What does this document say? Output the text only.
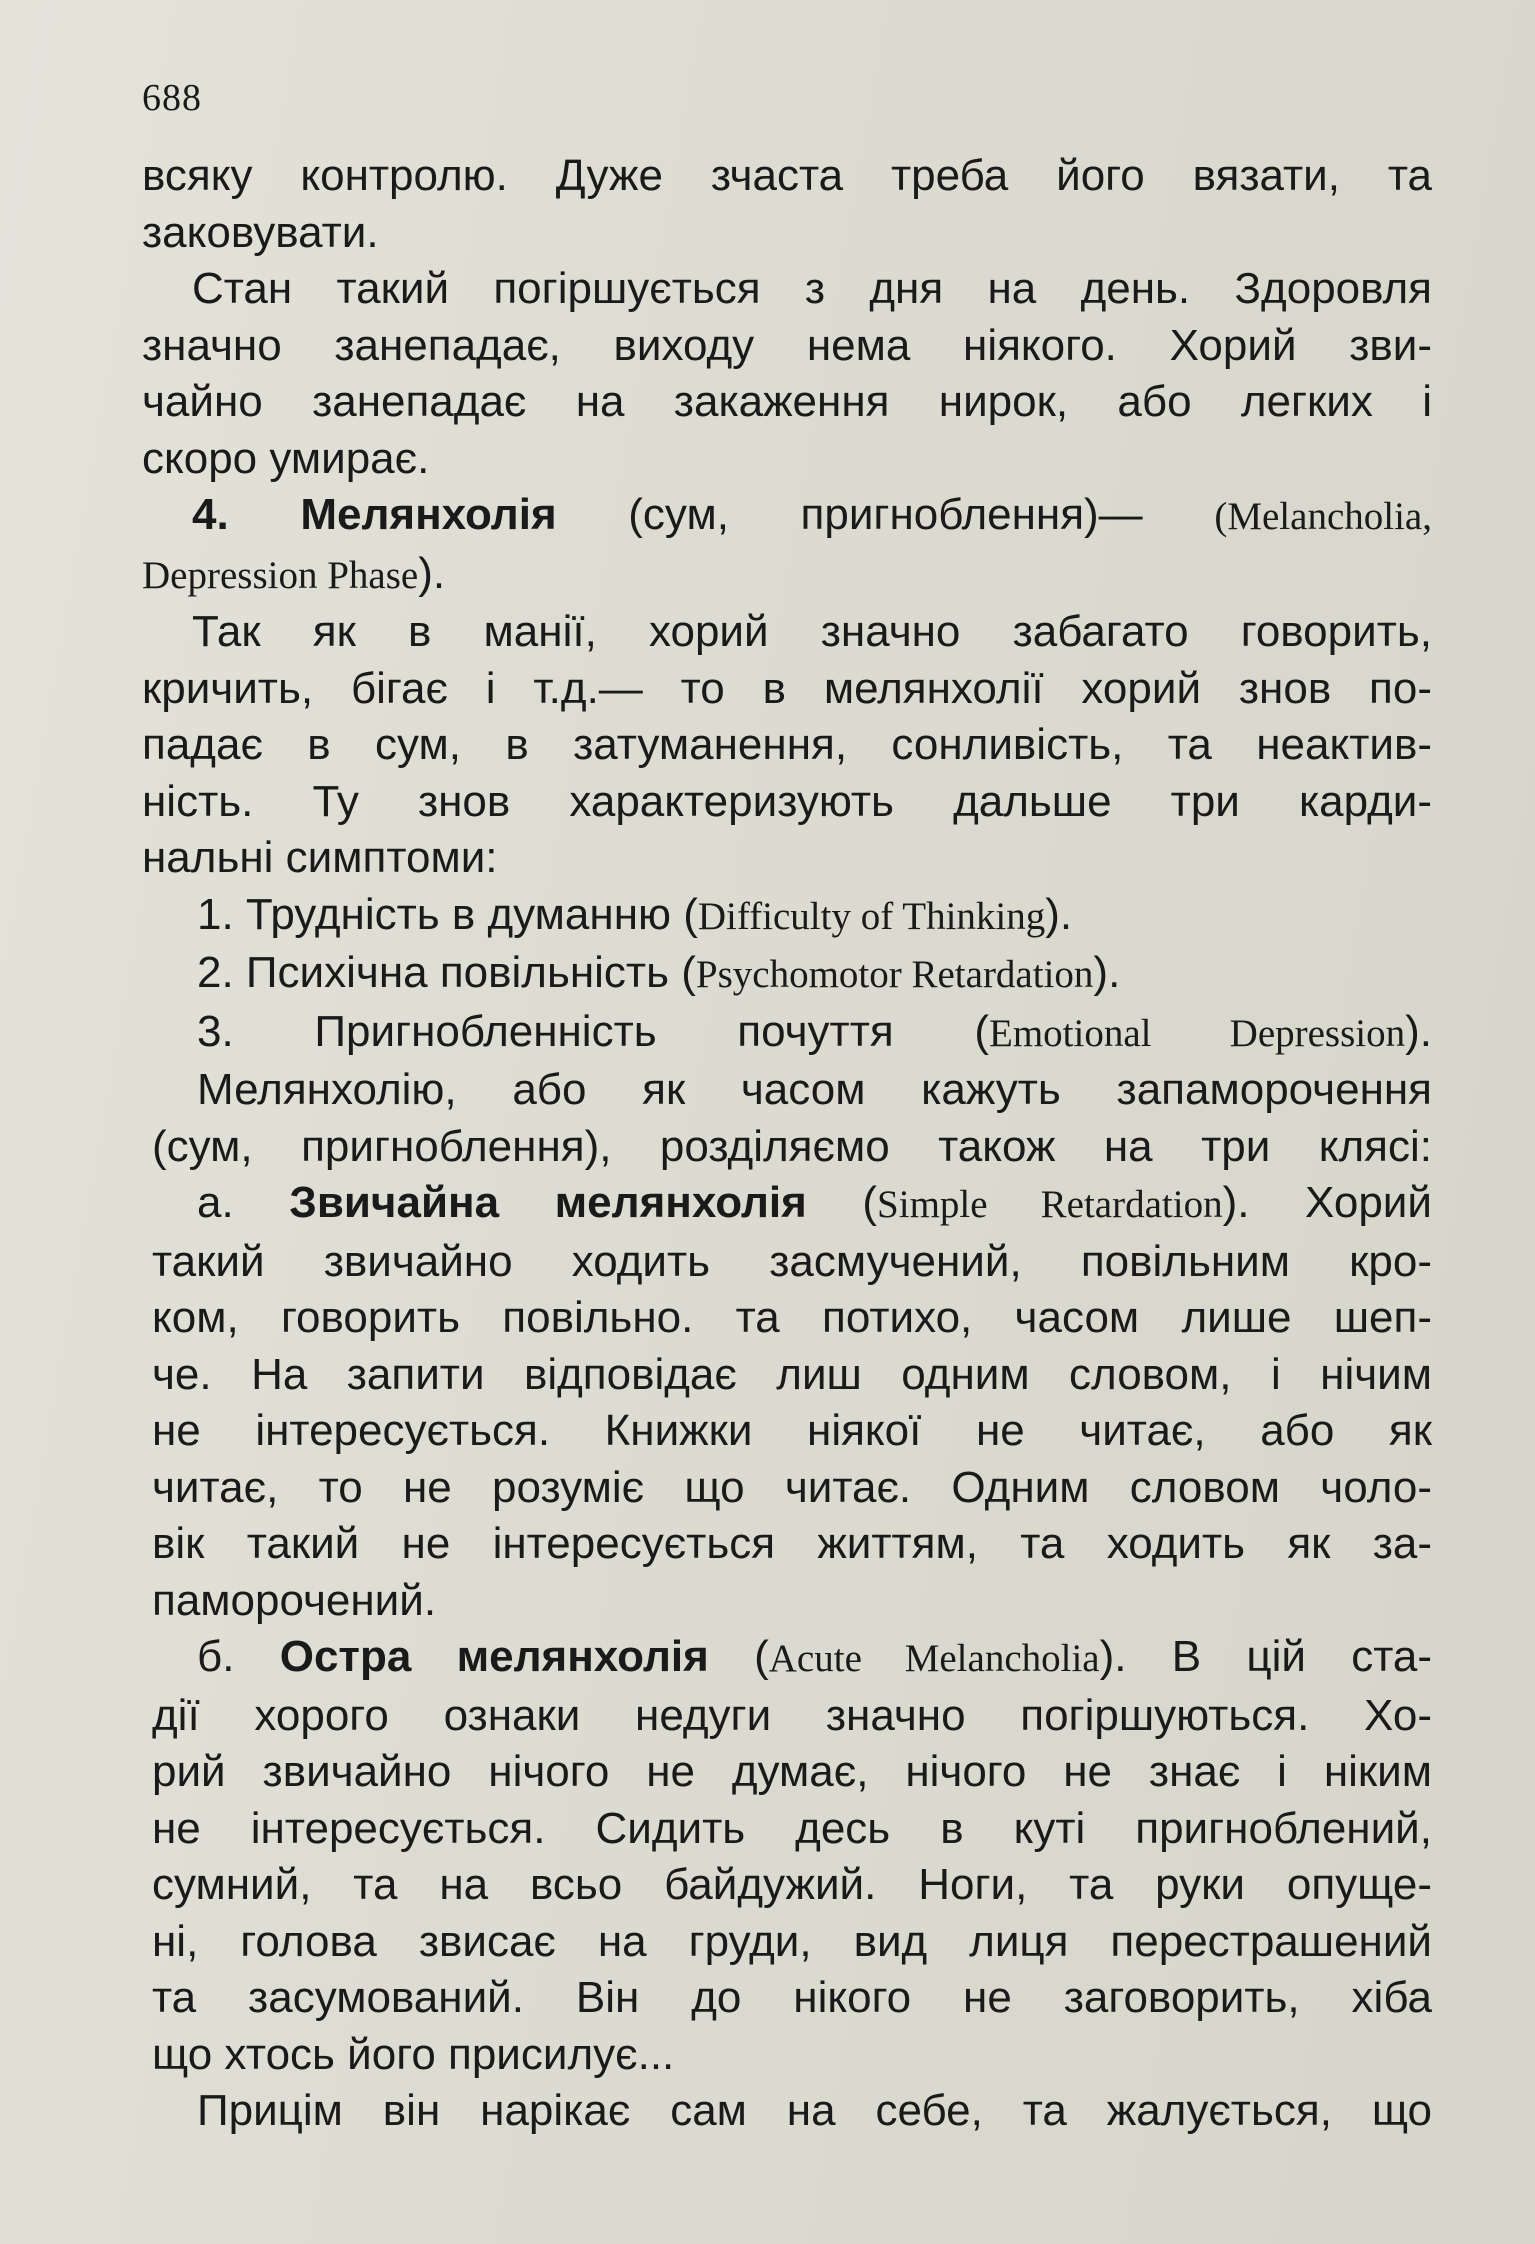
688
всяку контролю. Дуже зчаста треба його вязати, та
заковувати.
Стан такий погіршується з дня на день. Здоровля
значно занепадає, виходу нема ніякого. Хорий зви-
чайно занепадає на закаження нирок, або легких і
скоро умирає.
4. Мелянхолія (сум, пригноблення)— (Melancholia,
Depression Phase).
Так як в манії, хорий значно забагато говорить,
кричить, бігає і т.д.— то в мелянхолії хорий знов по-
падає в сум, в затуманення, сонливість, та неактив-
ність. Ту знов характеризують дальше три карди-
нальні симптоми:
1. Трудність в думанню (Difficulty of Thinking).
2. Психічна повільність (Psychomotor Retardation).
3. Пригнобленність почуття (Emotional Depression).
Мелянхолію, або як часом кажуть запаморочення
(сум, пригноблення), розділяємо також на три клясі:
а. Звичайна мелянхолія (Simple Retardation). Хорий
такий звичайно ходить засмучений, повільним кро-
ком, говорить повільно. та потихо, часом лише шеп-
че. На запити відповідає лиш одним словом, і нічим
не інтересується. Книжки ніякої не читає, або як
читає, то не розуміє що читає. Одним словом чоло-
вік такий не інтересується життям, та ходить як за-
паморочений.
б. Остра мелянхолія (Acute Melancholia). В цій ста-
дії хорого ознаки недуги значно погіршуються. Хо-
рий звичайно нічого не думає, нічого не знає і ніким
не інтересується. Сидить десь в куті пригноблений,
сумний, та на всьо байдужий. Ноги, та руки опуще-
ні, голова звисає на груди, вид лиця перестрашений
та засумований. Він до нікого не заговорить, хіба
що хтось його присилує...
Прицім він нарікає сам на себе, та жалується, що
